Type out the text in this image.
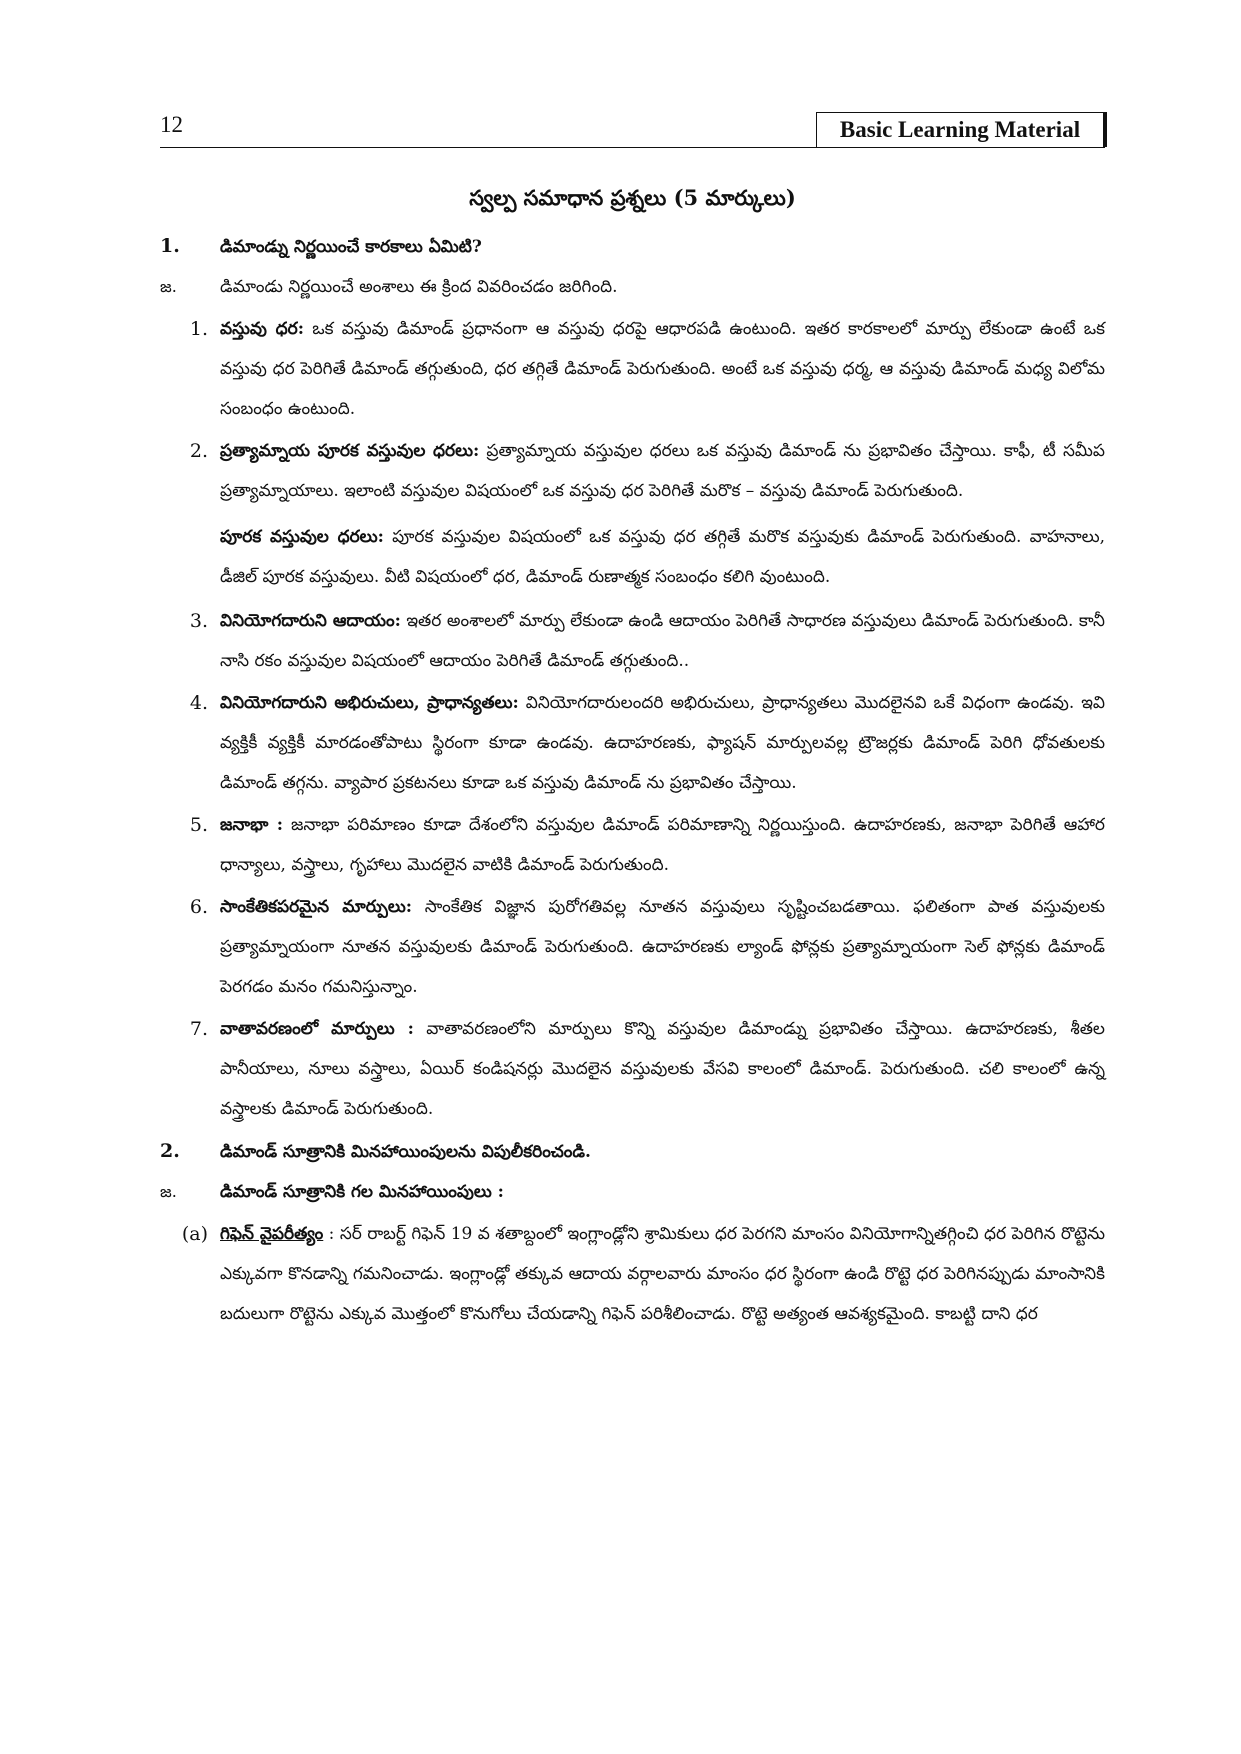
12	Basic Learning Material
స్వల్ప సమాధాన ప్రశ్నలు (5 మార్కులు)
1.	డిమాండ్ను నిర్ణయించే కారకాలు ఏమిటి?
జ.	డిమాండు నిర్ణయించే అంశాలు ఈ క్రింద వివరించడం జరిగింది.
1. వస్తువు ధర: ఒక వస్తువు డిమాండ్ ప్రధానంగా ఆ వస్తువు ధరపై ఆధారపడి ఉంటుంది. ఇతర కారకాలలో మార్పు లేకుండా ఉంటే ఒక వస్తువు ధర పెరిగితే డిమాండ్ తగ్గుతుంది, ధర తగ్గితే డిమాండ్ పెరుగుతుంది. అంటే ఒక వస్తువు ధర్మ, ఆ వస్తువు డిమాండ్ మధ్య విలోమ సంబంధం ఉంటుంది.
2. ప్రత్యామ్నాయ పూరక వస్తువుల ధరలు: ప్రత్యామ్నాయ వస్తువుల ధరలు ఒక వస్తువు డిమాండ్ ను ప్రభావితం చేస్తాయి. కాఫీ, టీ సమీప ప్రత్యామ్నాయాలు. ఇలాంటి వస్తువుల విషయంలో ఒక వస్తువు ధర పెరిగితే మరొక – వస్తువు డిమాండ్ పెరుగుతుంది.
పూరక వస్తువుల ధరలు: పూరక వస్తువుల విషయంలో ఒక వస్తువు ధర తగ్గితే మరొక వస్తువుకు డిమాండ్ పెరుగుతుంది. వాహనాలు, డీజిల్ పూరక వస్తువులు. వీటి విషయంలో ధర, డిమాండ్ రుణాత్మక సంబంధం కలిగి వుంటుంది.
3. వినియోగదారుని ఆదాయం: ఇతర అంశాలలో మార్పు లేకుండా ఉండి ఆదాయం పెరిగితే సాధారణ వస్తువులు డిమాండ్ పెరుగుతుంది. కానీ నాసి రకం వస్తువుల విషయంలో ఆదాయం పెరిగితే డిమాండ్ తగ్గుతుంది..
4. వినియోగదారుని అభిరుచులు, ప్రాధాన్యతలు: వినియోగదారులందరి అభిరుచులు, ప్రాధాన్యతలు మొదలైనవి ఒకే విధంగా ఉండవు. ఇవి వ్యక్తికీ వ్యక్తికీ మారడంతోపాటు స్థిరంగా కూడా ఉండవు. ఉదాహరణకు, ఫ్యాషన్ మార్పులవల్ల ట్రౌజర్లకు డిమాండ్ పెరిగి ధోవతులకు డిమాండ్ తగ్గను. వ్యాపార ప్రకటనలు కూడా ఒక వస్తువు డిమాండ్ ను ప్రభావితం చేస్తాయి.
5. జనాభా : జనాభా పరిమాణం కూడా దేశంలోని వస్తువుల డిమాండ్ పరిమాణాన్ని నిర్ణయిస్తుంది. ఉదాహరణకు, జనాభా పెరిగితే ఆహార ధాన్యాలు, వస్త్రాలు, గృహాలు మొదలైన వాటికి డిమాండ్ పెరుగుతుంది.
6. సాంకేతికపరమైన మార్పులు: సాంకేతిక విజ్ఞాన పురోగతివల్ల నూతన వస్తువులు సృష్టించబడతాయి. ఫలితంగా పాత వస్తువులకు ప్రత్యామ్నాయంగా నూతన వస్తువులకు డిమాండ్ పెరుగుతుంది. ఉదాహరణకు ల్యాండ్ ఫోన్లకు ప్రత్యామ్నాయంగా సెల్ ఫోన్లకు డిమాండ్ పెరగడం మనం గమనిస్తున్నాం.
7. వాతావరణంలో మార్పులు : వాతావరణంలోని మార్పులు కొన్ని వస్తువుల డిమాండ్ను ప్రభావితం చేస్తాయి. ఉదాహరణకు, శీతల పానీయాలు, నూలు వస్త్రాలు, ఏయిర్ కండిషనర్లు మొదలైన వస్తువులకు వేసవి కాలంలో డిమాండ్. పెరుగుతుంది. చలి కాలంలో ఉన్న వస్త్రాలకు డిమాండ్ పెరుగుతుంది.
2.	డిమాండ్ సూత్రానికి మినహాయింపులను విపులీకరించండి.
జ.	డిమాండ్ సూత్రానికి గల మినహాయింపులు :
(a) గిఫెన్ వైపరీత్యం : సర్ రాబర్ట్ గిఫెన్ 19 వ శతాబ్దంలో ఇంగ్లాండ్లోని శ్రామికులు ధర పెరగని మాంసం వినియోగాన్నితగ్గించి ధర పెరిగిన రొట్టెను ఎక్కువగా కొనడాన్ని గమనించాడు. ఇంగ్లాండ్లో తక్కువ ఆదాయ వర్గాలవారు మాంసం ధర స్థిరంగా ఉండి రొట్టె ధర పెరిగినప్పుడు మాంసానికి బదులుగా రొట్టెను ఎక్కువ మొత్తంలో కొనుగోలు చేయడాన్ని గిఫెన్ పరిశీలించాడు. రొట్టె అత్యంత ఆవశ్యకమైంది. కాబట్టి దాని ధర
